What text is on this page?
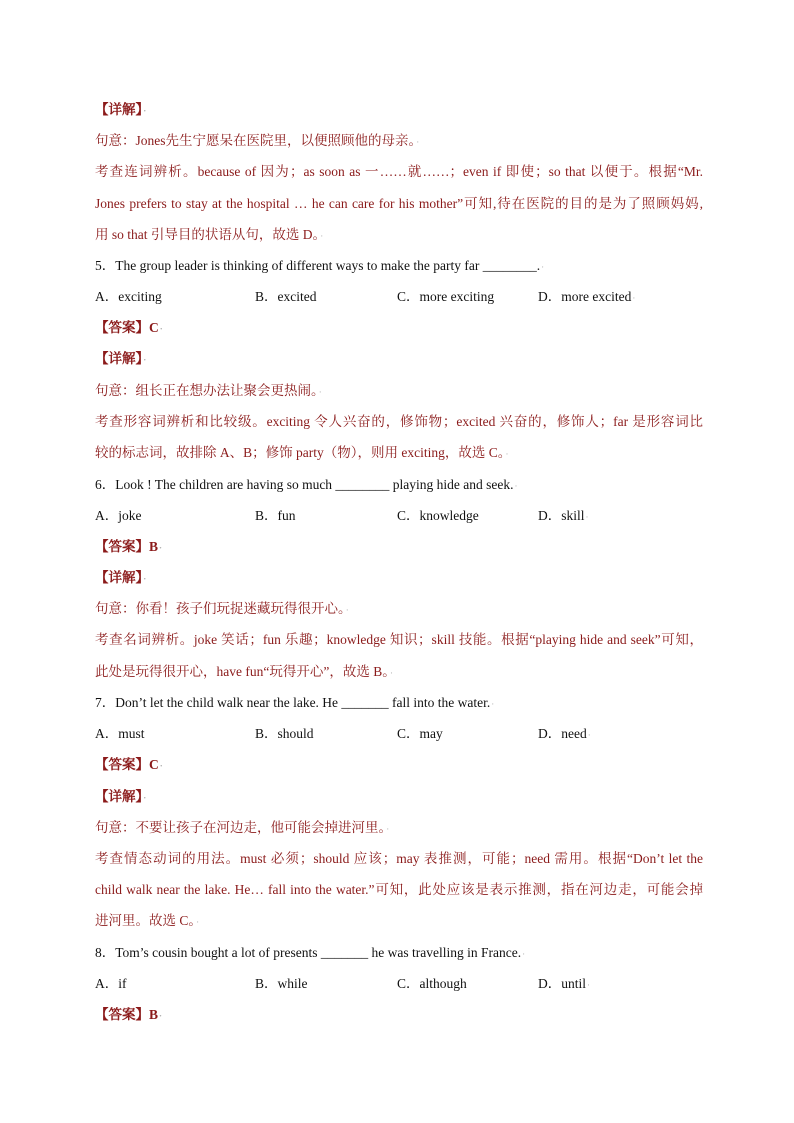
【详解】·
句意：Jones先生宁愿呆在医院里，以便照顾他的母亲。·
考查连词辨析。because of 因为；as soon as 一……就……；even if 即使；so that 以便于。根据“Mr.
Jones prefers to stay at the hospital … he can care for his mother”可知,待在医院的目的是为了照顾妈妈,
用 so that 引导目的状语从句，故选 D。·
5．The group leader is thinking of different ways to make the party far ________.·
A．exciting	B．excited	C．more exciting	D．more excited·
【答案】C·
【详解】·
句意：组长正在想办法让聚会更热闹。·
考查形容词辨析和比较级。exciting 令人兴奋的，修饰物；excited 兴奋的，修饰人；far 是形容词比
较的标志词，故排除 A、B；修饰 party（物），则用 exciting，故选 C。·
6．Look ! The children are having so much ________ playing hide and seek.·
A．joke	B．fun	C．knowledge	D．skill·
【答案】B·
【详解】·
句意：你看！孩子们玩捉迷藏玩得很开心。·
考查名词辨析。joke 笑话；fun 乐趣；knowledge 知识；skill 技能。根据“playing hide and seek”可知，
此处是玩得很开心，have fun“玩得开心”，故选 B。·
7．Don’t let the child walk near the lake. He _______ fall into the water.·
A．must	B．should	C．may	D．need·
【答案】C·
【详解】·
句意：不要让孩子在河边走，他可能会掉进河里。·
考查情态动词的用法。must 必须；should 应该；may 表推测，可能；need 需用。根据“Don’t let the
child walk near the lake. He… fall into the water.”可知，此处应该是表示推测，指在河边走，可能会掉
进河里。故选 C。·
8．Tom’s cousin bought a lot of presents _______ he was travelling in France.·
A．if	B．while	C．although	D．until·
【答案】B·
